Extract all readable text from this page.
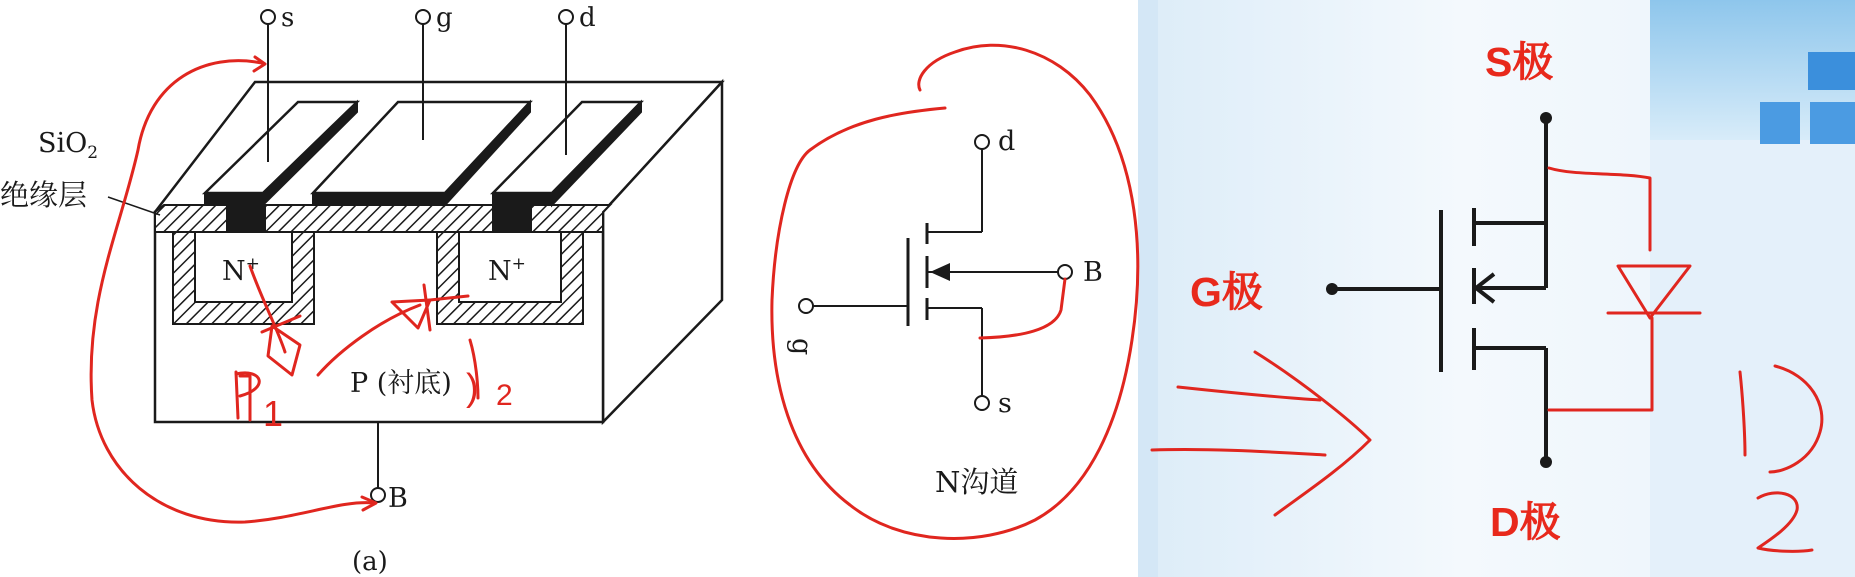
s	g	d
SiO$_2$
绝缘层
N+	N+
P (衬底)
B
(a)
d
B
g
s
N沟道
S极
G极
D极
1
) 2
